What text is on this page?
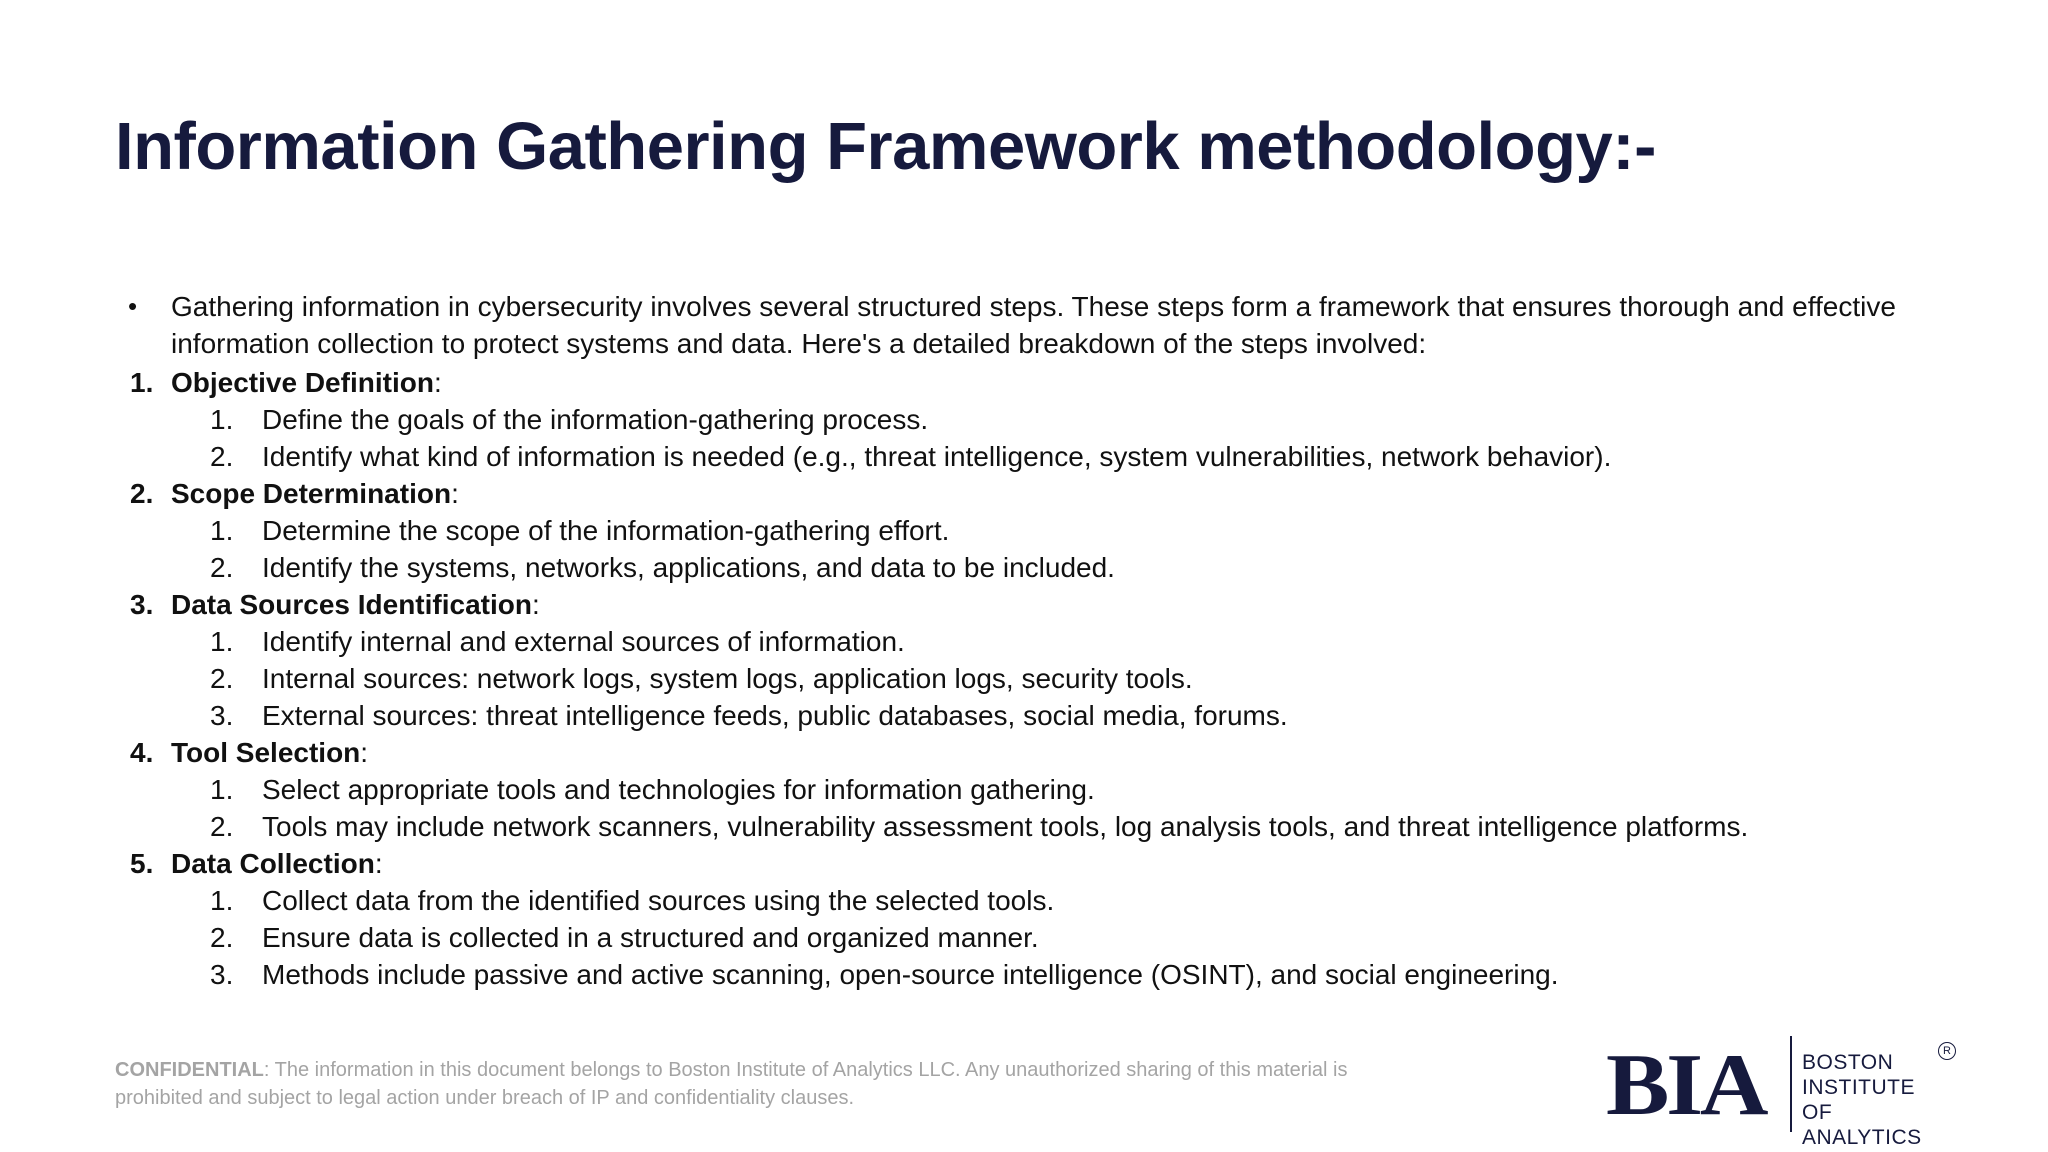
Information Gathering Framework methodology:-
• Gathering information in cybersecurity involves several structured steps. These steps form a framework that ensures thorough and effective information collection to protect systems and data. Here's a detailed breakdown of the steps involved:
1. Objective Definition:
1. Define the goals of the information-gathering process.
2. Identify what kind of information is needed (e.g., threat intelligence, system vulnerabilities, network behavior).
2. Scope Determination:
1. Determine the scope of the information-gathering effort.
2. Identify the systems, networks, applications, and data to be included.
3. Data Sources Identification:
1. Identify internal and external sources of information.
2. Internal sources: network logs, system logs, application logs, security tools.
3. External sources: threat intelligence feeds, public databases, social media, forums.
4. Tool Selection:
1. Select appropriate tools and technologies for information gathering.
2. Tools may include network scanners, vulnerability assessment tools, log analysis tools, and threat intelligence platforms.
5. Data Collection:
1. Collect data from the identified sources using the selected tools.
2. Ensure data is collected in a structured and organized manner.
3. Methods include passive and active scanning, open-source intelligence (OSINT), and social engineering.
CONFIDENTIAL: The information in this document belongs to Boston Institute of Analytics LLC. Any unauthorized sharing of this material is prohibited and subject to legal action under breach of IP and confidentiality clauses.	BIA BOSTON
INSTITUTE OF
ANALYTICS
R
